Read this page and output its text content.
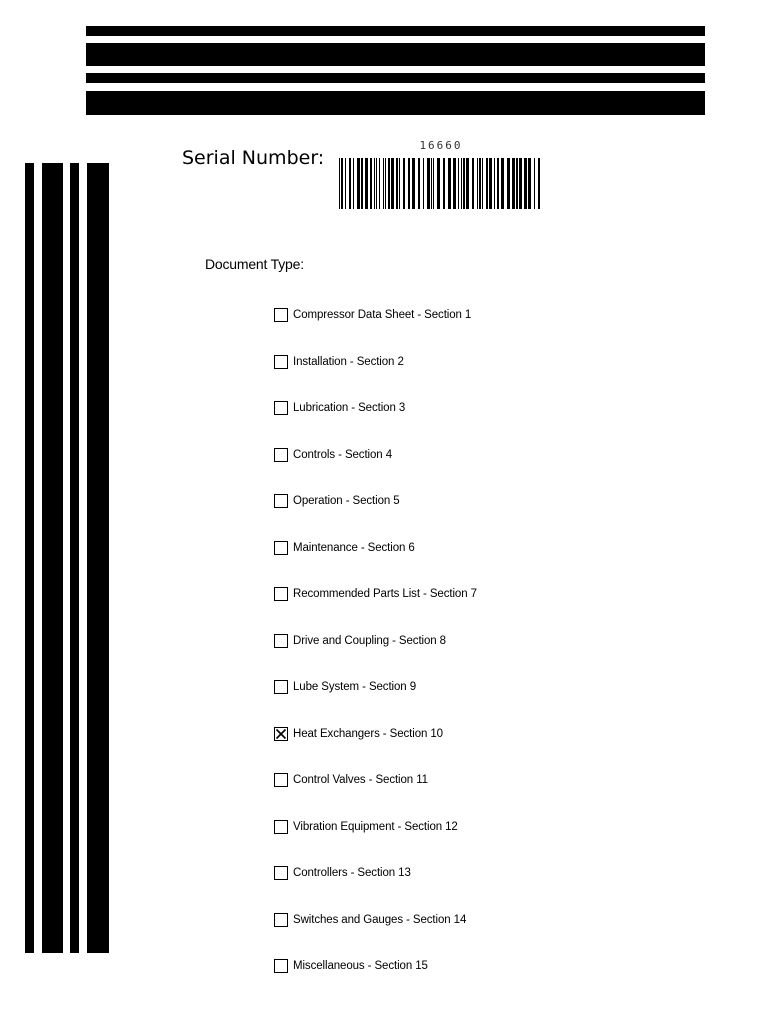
Serial Number:
16660
Document Type:
Compressor Data Sheet - Section 1
Installation - Section 2
Lubrication - Section 3
Controls - Section 4
Operation - Section 5
Maintenance - Section 6
Recommended Parts List - Section 7
Drive and Coupling - Section 8
Lube System - Section 9
Heat Exchangers - Section 10
Control Valves - Section 11
Vibration Equipment - Section 12
Controllers - Section 13
Switches and Gauges - Section 14
Miscellaneous - Section 15
